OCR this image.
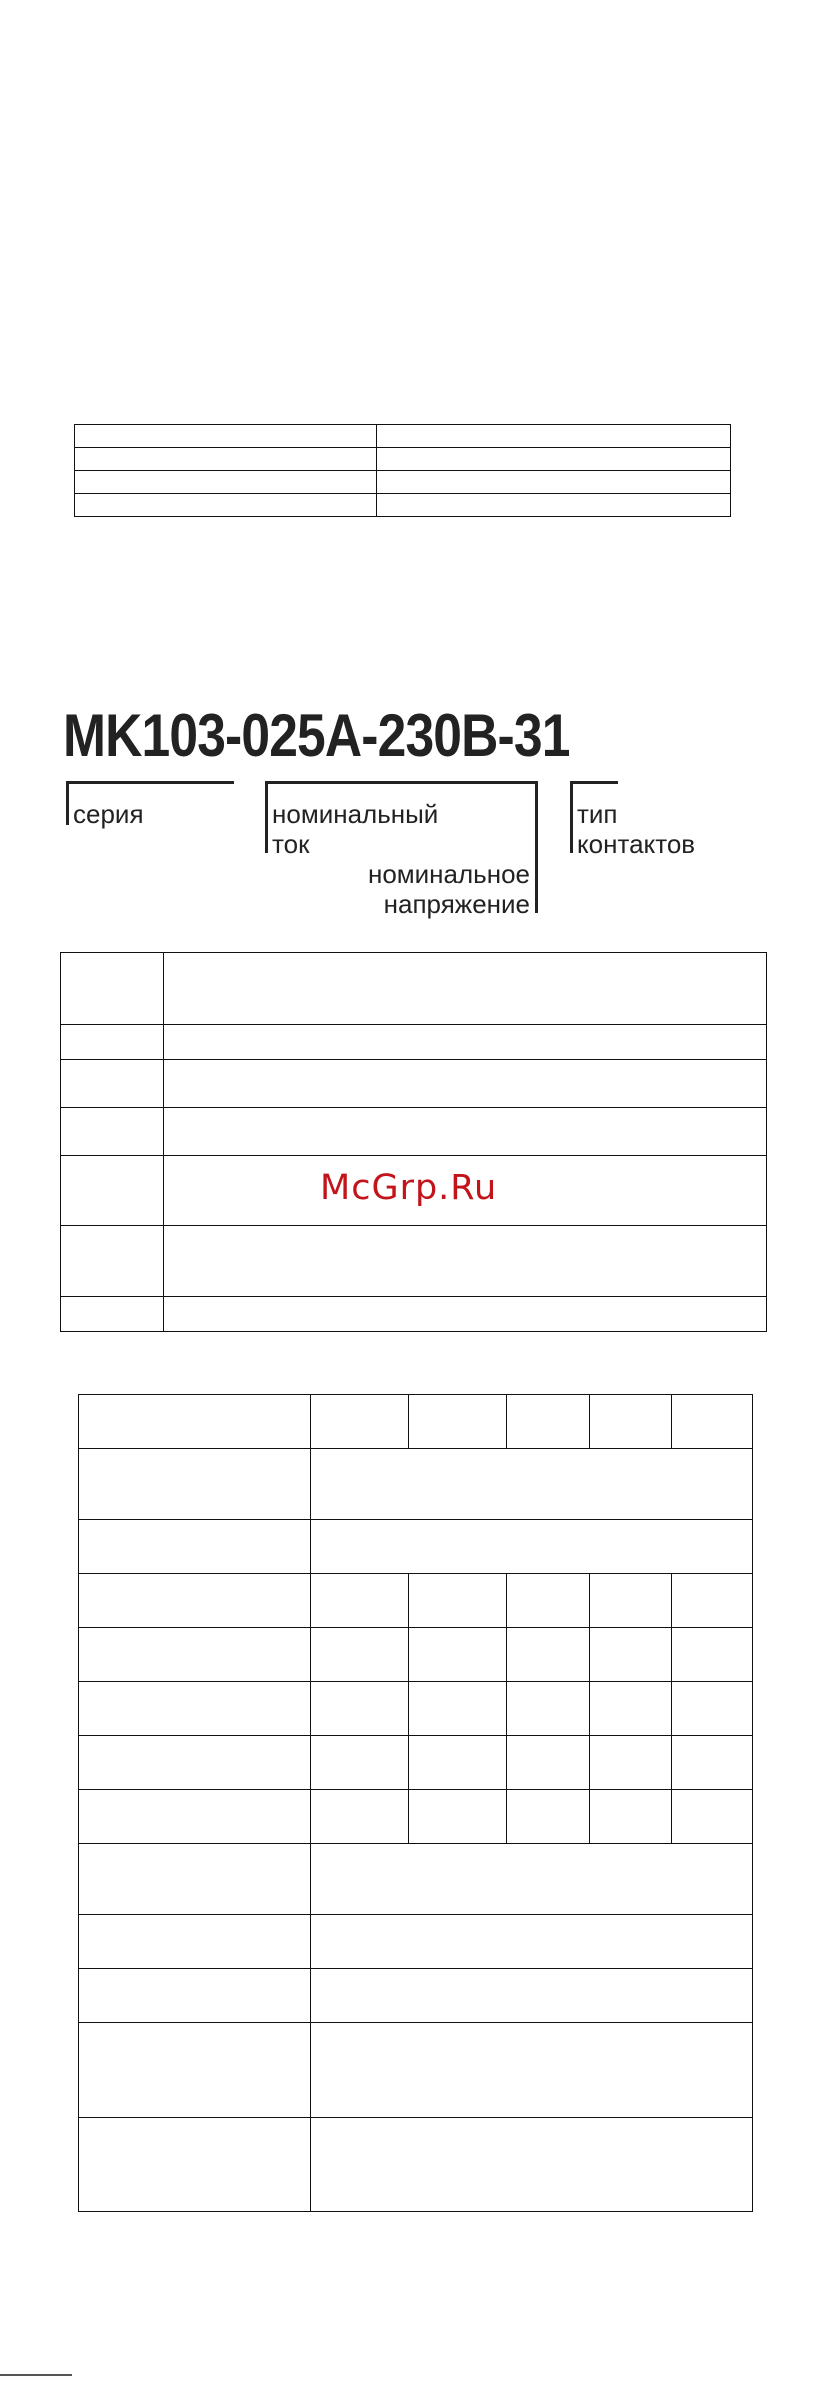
MK103-025A-230B-31
серия	номинальный
ток
номинальное
напряжение
тип
контактов

McGrp.Ru
